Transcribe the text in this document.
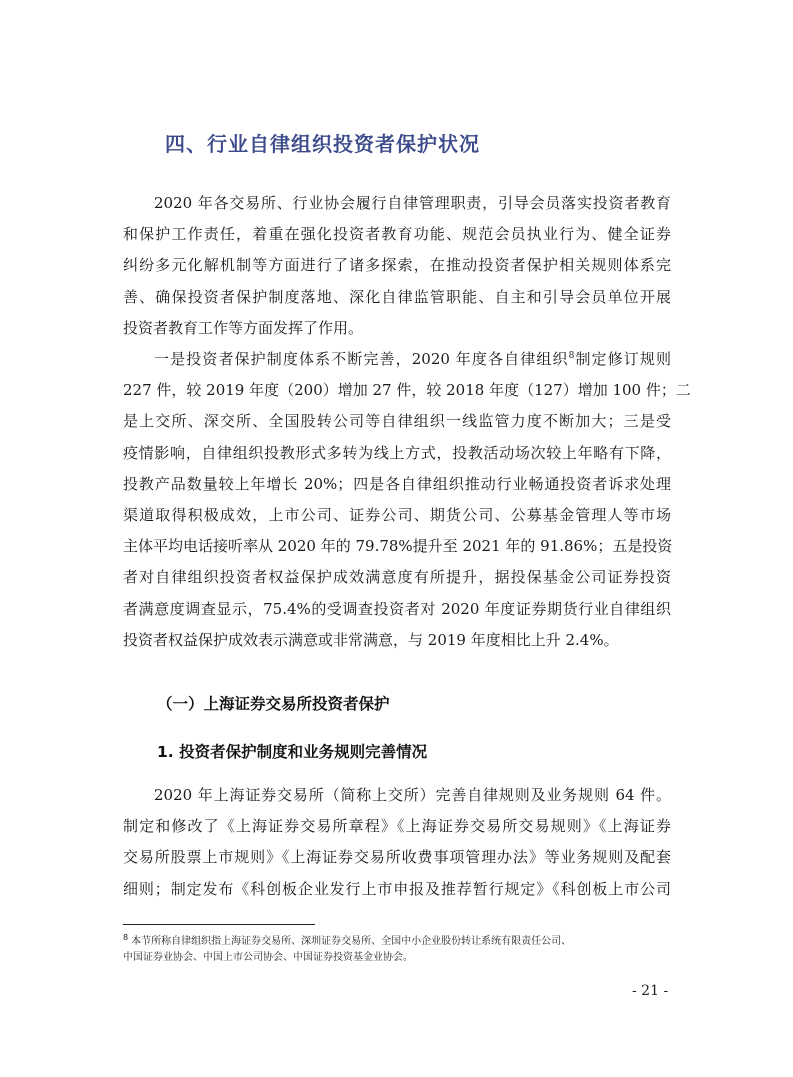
四、行业自律组织投资者保护状况
2020 年各交易所、行业协会履行自律管理职责，引导会员落实投资者教育
和保护工作责任，着重在强化投资者教育功能、规范会员执业行为、健全证券
纠纷多元化解机制等方面进行了诸多探索，在推动投资者保护相关规则体系完
善、确保投资者保护制度落地、深化自律监管职能、自主和引导会员单位开展
投资者教育工作等方面发挥了作用。
一是投资者保护制度体系不断完善，2020 年度各自律组织$^8$制定修订规则
227 件，较 2019 年度（200）增加 27 件，较 2018 年度（127）增加 100 件；二
是上交所、深交所、全国股转公司等自律组织一线监管力度不断加大；三是受
疫情影响，自律组织投教形式多转为线上方式，投教活动场次较上年略有下降，
投教产品数量较上年增长 20%；四是各自律组织推动行业畅通投资者诉求处理
渠道取得积极成效，上市公司、证券公司、期货公司、公募基金管理人等市场
主体平均电话接听率从 2020 年的 79.78%提升至 2021 年的 91.86%；五是投资
者对自律组织投资者权益保护成效满意度有所提升，据投保基金公司证券投资
者满意度调查显示，75.4%的受调查投资者对 2020 年度证券期货行业自律组织
投资者权益保护成效表示满意或非常满意，与 2019 年度相比上升 2.4%。
（一）上海证券交易所投资者保护
1. 投资者保护制度和业务规则完善情况
2020 年上海证券交易所（简称上交所）完善自律规则及业务规则 64 件。
制定和修改了《上海证券交易所章程》《上海证券交易所交易规则》《上海证券
交易所股票上市规则》《上海证券交易所收费事项管理办法》等业务规则及配套
细则；制定发布《科创板企业发行上市申报及推荐暂行规定》《科创板上市公司
$^8$ 本节所称自律组织指上海证券交易所、深圳证券交易所、全国中小企业股份转让系统有限责任公司、
中国证券业协会、中国上市公司协会、中国证券投资基金业协会。
- 21 -
